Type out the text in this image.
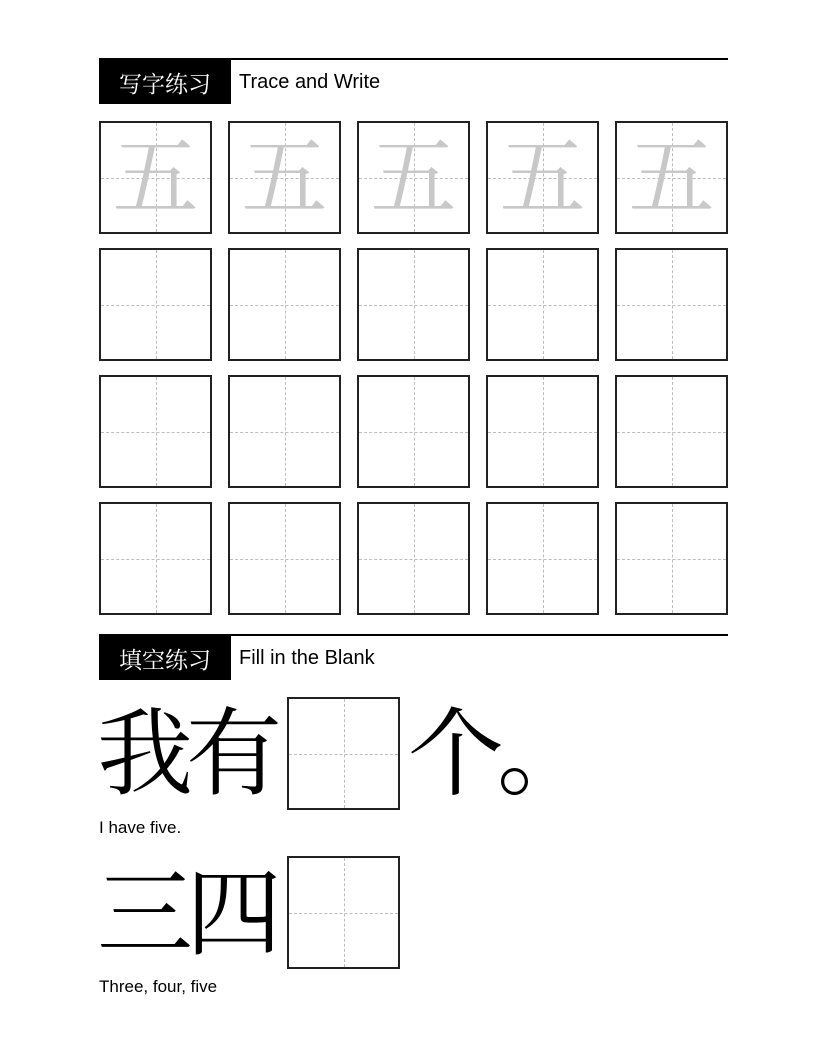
写字练习	Trace and Write
五 五 五 五 五
填空练习	Fill in the Blank
我
有 个
。
I have five.
三
四
Three, four, five
